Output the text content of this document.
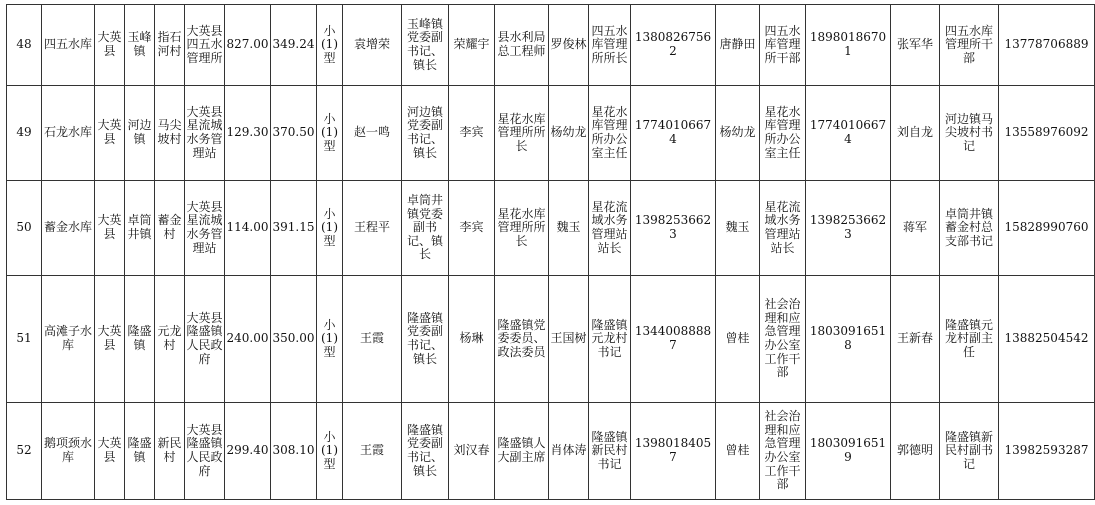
48	四五水库	大英县	玉峰镇	指石河村	大英县四五水管理所	827.00	349.24	小(1)型	袁增荣	玉峰镇党委副书记、镇长	荣耀宇	县水利局总工程师	罗俊林	四五水库管理所所长	13808267562	唐静田	四五水库管理所干部	18980186701	张军华	四五水库管理所干部	13778706889
49	石龙水库	大英县	河边镇	马尖坡村	大英县星流城水务管理站	129.30	370.50	小(1)型	赵一鸣	河边镇党委副书记、镇长	李宾	星花水库管理所所长	杨幼龙	星花水库管理所办公室主任	17740106674	杨幼龙	星花水库管理所办公室主任	17740106674	刘自龙	河边镇马尖坡村书记	13558976092
50	蓄金水库	大英县	卓筒井镇	蓄金村	大英县星流城水务管理站	114.00	391.15	小(1)型	王程平	卓筒井镇党委副书记、镇长	李宾	星花水库管理所所长	魏玉	星花流域水务管理站站长	13982536623	魏玉	星花流域水务管理站站长	13982536623	蒋军	卓筒井镇蓄金村总支部书记	15828990760
51	高滩子水库	大英县	隆盛镇	元龙村	大英县隆盛镇人民政府	240.00	350.00	小(1)型	王霞	隆盛镇党委副书记、镇长	杨琳	隆盛镇党委委员、政法委员	王国树	隆盛镇元龙村书记	13440088887	曾桂	社会治理和应急管理办公室工作干部	18030916518	王新春	隆盛镇元龙村副主任	13882504542
52	鹅项颈水库	大英县	隆盛镇	新民村	大英县隆盛镇人民政府	299.40	308.10	小(1)型	王霞	隆盛镇党委副书记、镇长	刘汉春	隆盛镇人大副主席	肖体涛	隆盛镇新民村书记	13980184057	曾桂	社会治理和应急管理办公室工作干部	18030916519	郭德明	隆盛镇新民村副书记	13982593287
